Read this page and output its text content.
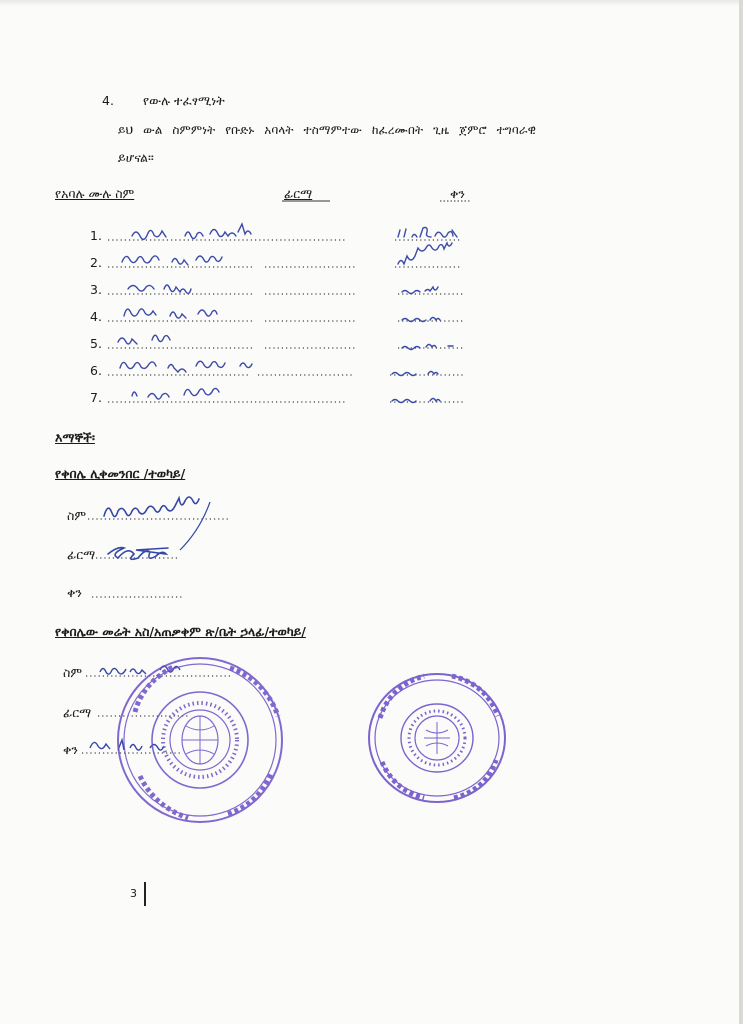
4. የውሉ ተፈፃሚነት
ይህ ውል ስምምነት የቡድኑ አባላት ተስማምተው ከፈረሙበት ጊዜ ጀምሮ ተግባራዊ
ይሆናል፡፡
የአባሉ ሙሉ ስም	ፊርማ	ቀን
1.
2.
3.
4.
5.
6.
7.
እማኞች፡
የቀበሌ ሊቀመንበር /ተወካይ/
ስም
ፊርማ
ቀን
የቀበሌው መሬት አስ/አጠቃቀም ጽ/ቤት ኃላፊ/ተወካይ/
ስም
ፊርማ
ቀን
3
